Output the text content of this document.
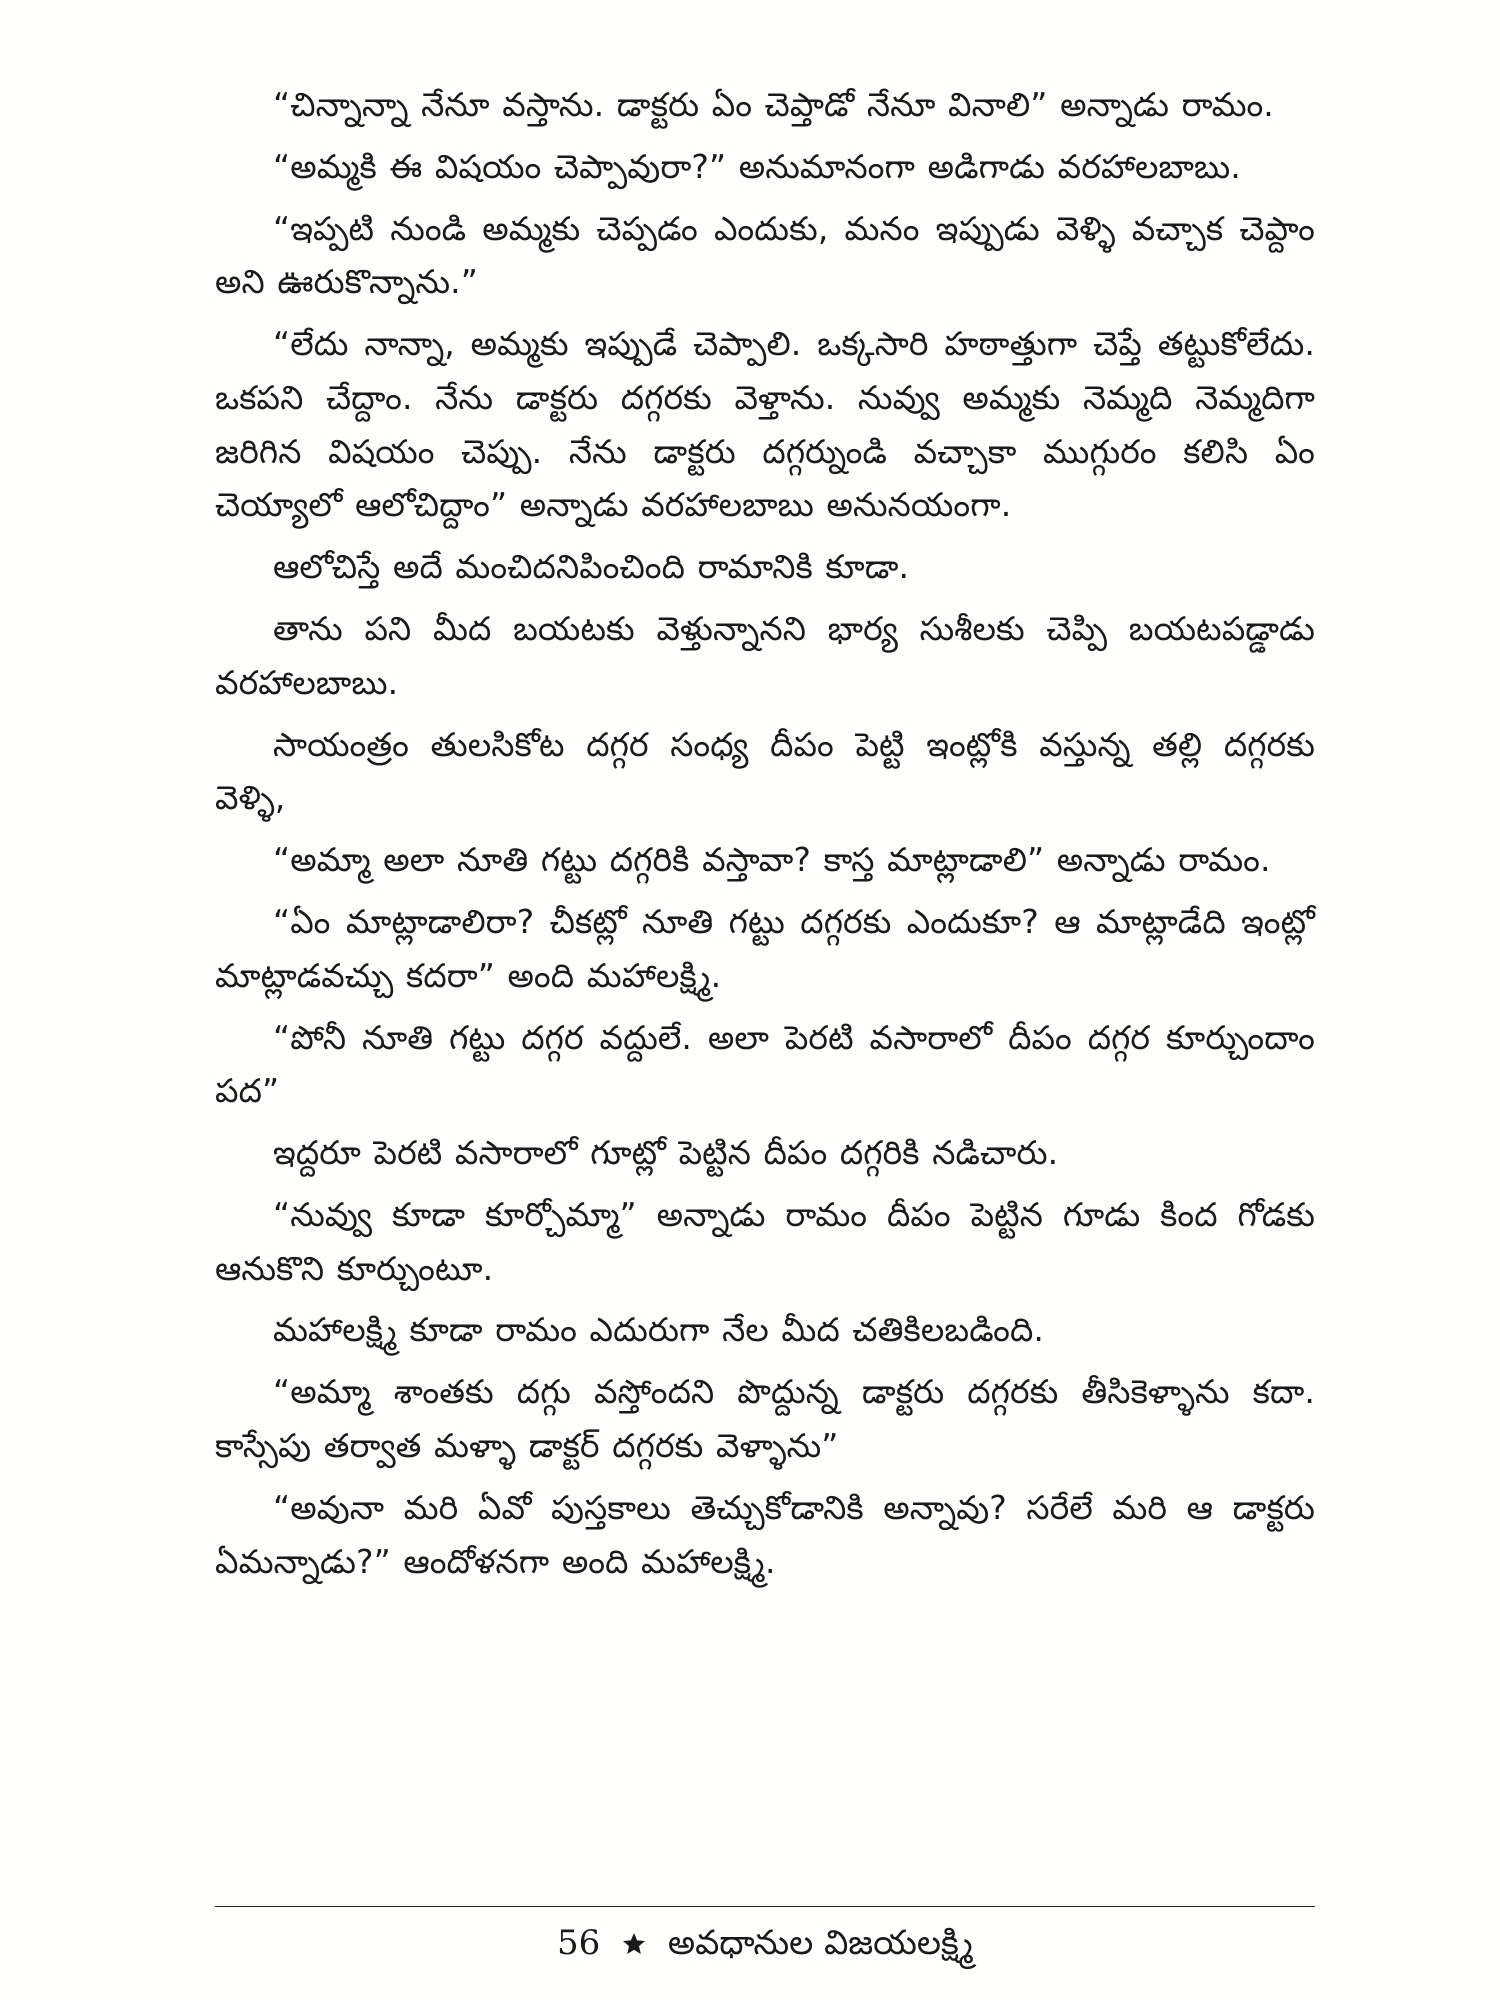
“చిన్నాన్నా నేనూ వస్తాను. డాక్టరు ఏం చెప్తాడో నేనూ వినాలి” అన్నాడు రామం.

“అమ్మకి ఈ విషయం చెప్పావురా?” అనుమానంగా అడిగాడు వరహాలబాబు.

“ఇప్పటి నుండి అమ్మకు చెప్పడం ఎందుకు, మనం ఇప్పుడు వెళ్ళి వచ్చాక చెప్దాం అని ఊరుకొన్నాను.”

“లేదు నాన్నా, అమ్మకు ఇప్పుడే చెప్పాలి. ఒక్కసారి హఠాత్తుగా చెప్తే తట్టుకోలేదు. ఒకపని చేద్దాం. నేను డాక్టరు దగ్గరకు వెళ్తాను. నువ్వు అమ్మకు నెమ్మది నెమ్మదిగా జరిగిన విషయం చెప్పు. నేను డాక్టరు దగ్గర్నుండి వచ్చాకా ముగ్గురం కలిసి ఏం చెయ్యాలో ఆలోచిద్దాం” అన్నాడు వరహాలబాబు అనునయంగా.

ఆలోచిస్తే అదే మంచిదనిపించింది రామానికి కూడా.

తాను పని మీద బయటకు వెళ్తున్నానని భార్య సుశీలకు చెప్పి బయటపడ్డాడు వరహాలబాబు.

సాయంత్రం తులసికోట దగ్గర సంధ్య దీపం పెట్టి ఇంట్లోకి వస్తున్న తల్లి దగ్గరకు వెళ్ళి,

“అమ్మా అలా నూతి గట్టు దగ్గరికి వస్తావా? కాస్త మాట్లాడాలి” అన్నాడు రామం.

“ఏం మాట్లాడాలిరా? చీకట్లో నూతి గట్టు దగ్గరకు ఎందుకూ? ఆ మాట్లాడేది ఇంట్లో మాట్లాడవచ్చు కదరా” అంది మహాలక్ష్మి.

“పోనీ నూతి గట్టు దగ్గర వద్దులే. అలా పెరటి వసారాలో దీపం దగ్గర కూర్చుందాం పద”

ఇద్దరూ పెరటి వసారాలో గూట్లో పెట్టిన దీపం దగ్గరికి నడిచారు.

“నువ్వు కూడా కూర్చోమ్మా” అన్నాడు రామం దీపం పెట్టిన గూడు కింద గోడకు ఆనుకొని కూర్చుంటూ.

మహాలక్ష్మి కూడా రామం ఎదురుగా నేల మీద చతికిలబడింది.

“అమ్మా శాంతకు దగ్గు వస్తోందని పొద్దున్న డాక్టరు దగ్గరకు తీసికెళ్ళాను కదా. కాస్సేపు తర్వాత మళ్ళా డాక్టర్ దగ్గరకు వెళ్ళాను”

“అవునా మరి ఏవో పుస్తకాలు తెచ్చుకోడానికి అన్నావు? సరేలే మరి ఆ డాక్టరు ఏమన్నాడు?” ఆందోళనగా అంది మహాలక్ష్మి.

56 అవధానుల విజయలక్ష్మి
